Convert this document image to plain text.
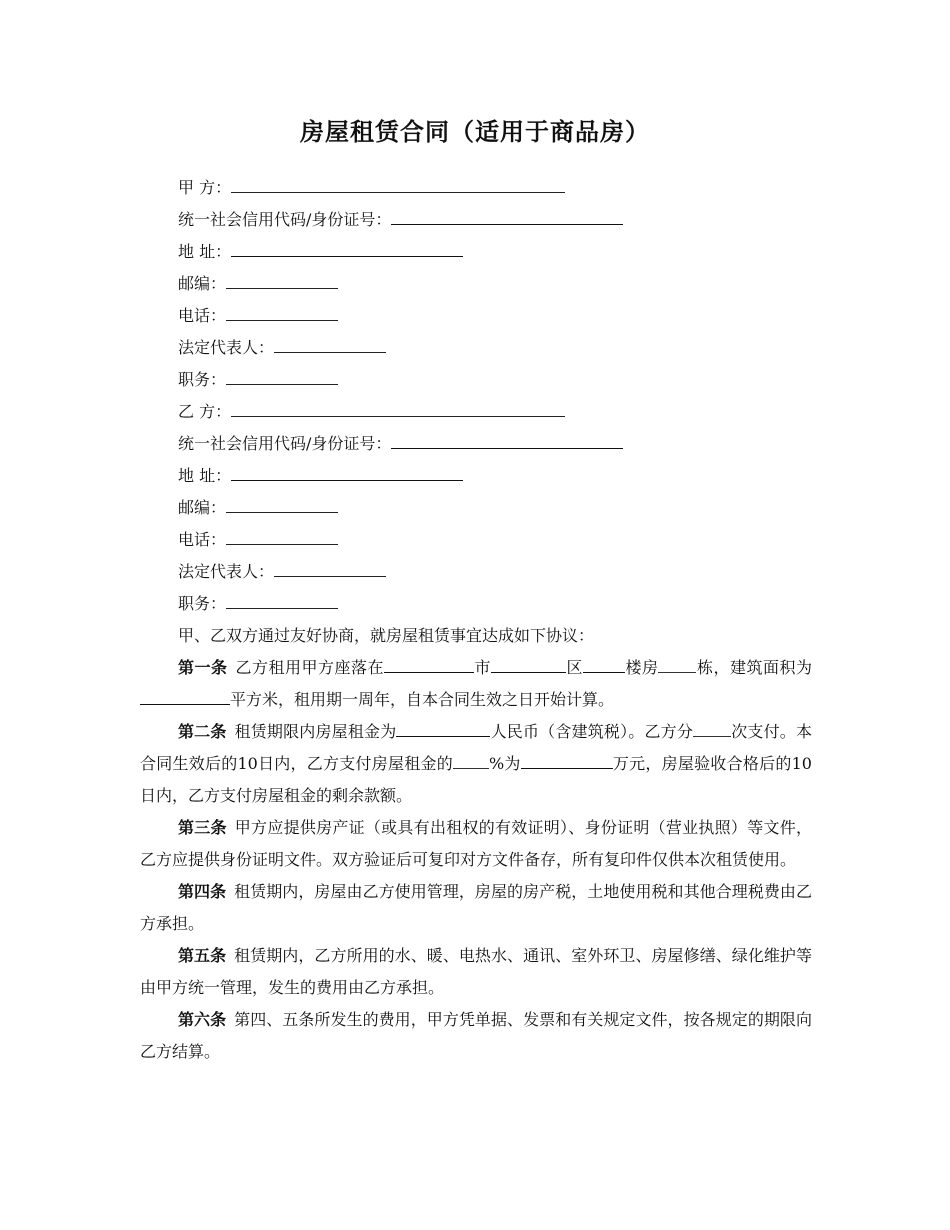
房屋租赁合同（适用于商品房）
甲 方：
统一社会信用代码/身份证号：
地 址：
邮编：
电话：
法定代表人：
职务：
乙 方：
统一社会信用代码/身份证号：
地 址：
邮编：
电话：
法定代表人：
职务：
甲、乙双方通过友好协商，就房屋租赁事宜达成如下协议：

第一条 乙方租用甲方座落在	市	区	楼房 栋，建筑面积为平方米，租用期一周年，自本合同生效之日开始计算。

第二条 租赁期限内房屋租金为	人民币（含建筑税）。乙方分 次支付。本合同生效后的10日内，乙方支付房屋租金的 %为	万元，房屋验收合格后的10日内，乙方支付房屋租金的剩余款额。

第三条 甲方应提供房产证（或具有出租权的有效证明）、身份证明（营业执照）等文件，乙方应提供身份证明文件。双方验证后可复印对方文件备存，所有复印件仅供本次租赁使用。

第四条 租赁期内，房屋由乙方使用管理，房屋的房产税，土地使用税和其他合理税费由乙方承担。

第五条 租赁期内，乙方所用的水、暖、电热水、通讯、室外环卫、房屋修缮、绿化维护等由甲方统一管理，发生的费用由乙方承担。

第六条 第四、五条所发生的费用，甲方凭单据、发票和有关规定文件，按各规定的期限向乙方结算。
